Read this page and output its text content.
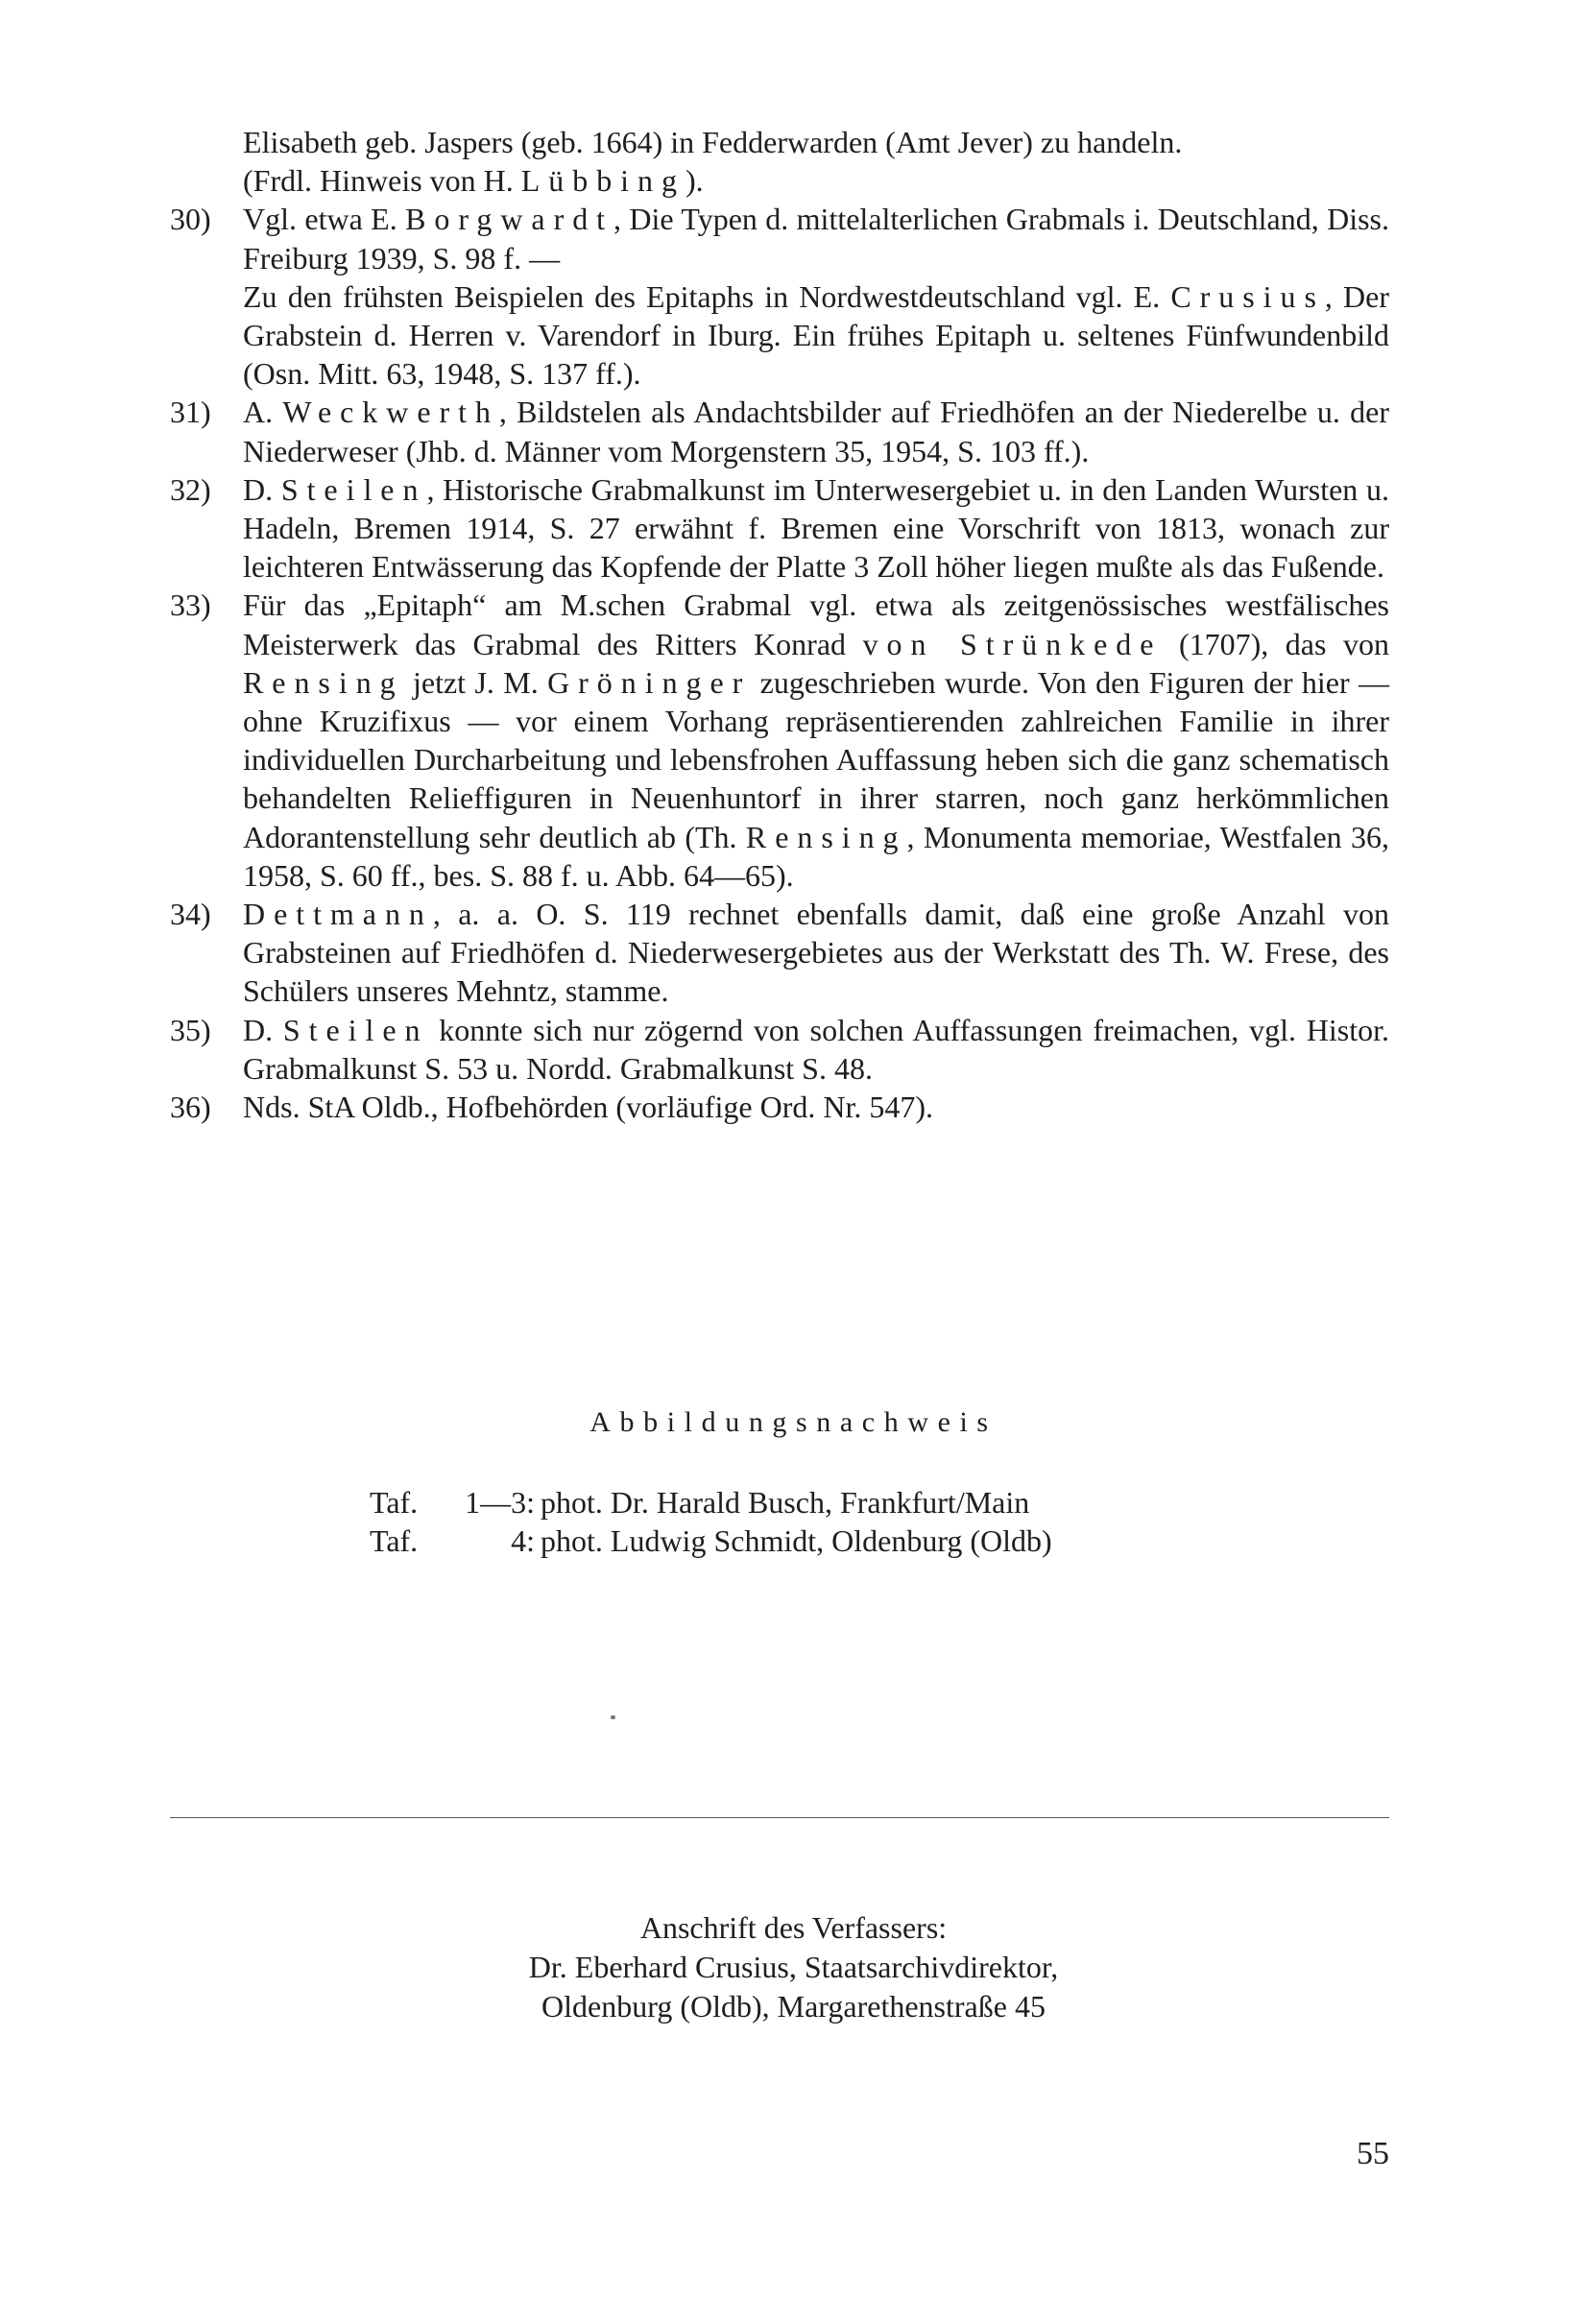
Elisabeth geb. Jaspers (geb. 1664) in Fedderwarden (Amt Jever) zu handeln.
(Frdl. Hinweis von H. Lübbing).
30)	Vgl. etwa E. Borgwardt, Die Typen d. mittelalterlichen Grabmals i. Deutschland, Diss. Freiburg 1939, S. 98 f. —

Zu den frühsten Beispielen des Epitaphs in Nordwestdeutschland vgl. E. Crusius, Der Grabstein d. Herren v. Varendorf in Iburg. Ein frühes Epitaph u. seltenes Fünfwundenbild (Osn. Mitt. 63, 1948, S. 137 ff.).

31)	A. Weckwerth, Bildstelen als Andachtsbilder auf Friedhöfen an der Niederelbe u. der Niederweser (Jhb. d. Männer vom Morgenstern 35, 1954, S. 103 ff.).
32)	D. Steilen, Historische Grabmalkunst im Unterwesergebiet u. in den Landen Wursten u. Hadeln, Bremen 1914, S. 27 erwähnt f. Bremen eine Vorschrift von 1813, wonach zur leichteren Entwässerung das Kopfende der Platte 3 Zoll höher liegen mußte als das Fußende.
33)	Für das „Epitaph“ am M.schen Grabmal vgl. etwa als zeitgenössisches westfälisches Meisterwerk das Grabmal des Ritters Konrad von Strünkede (1707), das von Rensing jetzt J. M. Gröninger zugeschrieben wurde. Von den Figuren der hier — ohne Kruzifixus — vor einem Vorhang repräsentierenden zahlreichen Familie in ihrer individuellen Durcharbeitung und lebensfrohen Auffassung heben sich die ganz schematisch behandelten Relieffiguren in Neuenhuntorf in ihrer starren, noch ganz herkömmlichen Adorantenstellung sehr deutlich ab (Th. Rensing, Monumenta memoriae, Westfalen 36, 1958, S. 60 ff., bes. S. 88 f. u. Abb. 64—65).
34)	Dettmann, a. a. O. S. 119 rechnet ebenfalls damit, daß eine große Anzahl von Grabsteinen auf Friedhöfen d. Niederwesergebietes aus der Werkstatt des Th. W. Frese, des Schülers unseres Mehntz, stamme.
35)	D. Steilen konnte sich nur zögernd von solchen Auffassungen freimachen, vgl. Histor. Grabmalkunst S. 53 u. Nordd. Grabmalkunst S. 48.
36)	Nds. StA Oldb., Hofbehörden (vorläufige Ord. Nr. 547).
Abbildungsnachweis
Taf.	1—3: phot. Dr. Harald Busch, Frankfurt/Main
Taf.	4: phot. Ludwig Schmidt, Oldenburg (Oldb)
Anschrift des Verfassers:
Dr. Eberhard Crusius, Staatsarchivdirektor,
Oldenburg (Oldb), Margarethenstraße 45
55
